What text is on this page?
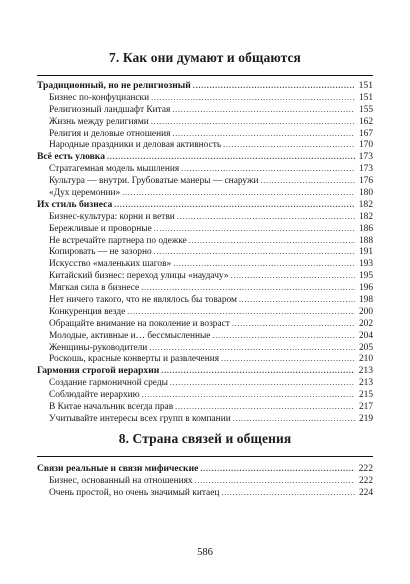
7. Как они думают и общаются
Традиционный, но не религиозный . . .	151
Бизнес по-конфуциански . . .	151
Религиозный ландшафт Китая . . .	155
Жизнь между религиями . . .	162
Религия и деловые отношения . . .	167
Народные праздники и деловая активность . . .	170
Всё есть уловка . . .	173
Стратагемная модель мышления . . .	173
Культура — внутри. Грубоватые манеры — снаружи . . .	176
«Дух церемонии» . . .	180
Их стиль бизнеса . . .	182
Бизнес-культура: корни и ветви . . .	182
Бережливые и проворные . . .	186
Не встречайте партнера по одежке . . .	188
Копировать — не зазорно . . .	191
Искусство «маленьких шагов» . . .	193
Китайский бизнес: переход улицы «наудачу» . . .	195
Мягкая сила в бизнесе . . .	196
Нет ничего такого, что не являлось бы товаром . . .	198
Конкуренция везде . . .	200
Обращайте внимание на поколение и возраст . . .	202
Молодые, активные и… бессмысленные . . .	204
Женщины-руководители . . .	205
Роскошь, красные конверты и развлечения . . .	210
Гармония строгой иерархии . . .	213
Создание гармоничной среды . . .	213
Соблюдайте иерархию . . .	215
В Китае начальник всегда прав . . .	217
Учитывайте интересы всех групп в компании . . .	219
8. Страна связей и общения
Связи реальные и связи мифические . . .	222
Бизнес, основанный на отношениях . . .	222
Очень простой, но очень значимый китаец . . .	224
586
